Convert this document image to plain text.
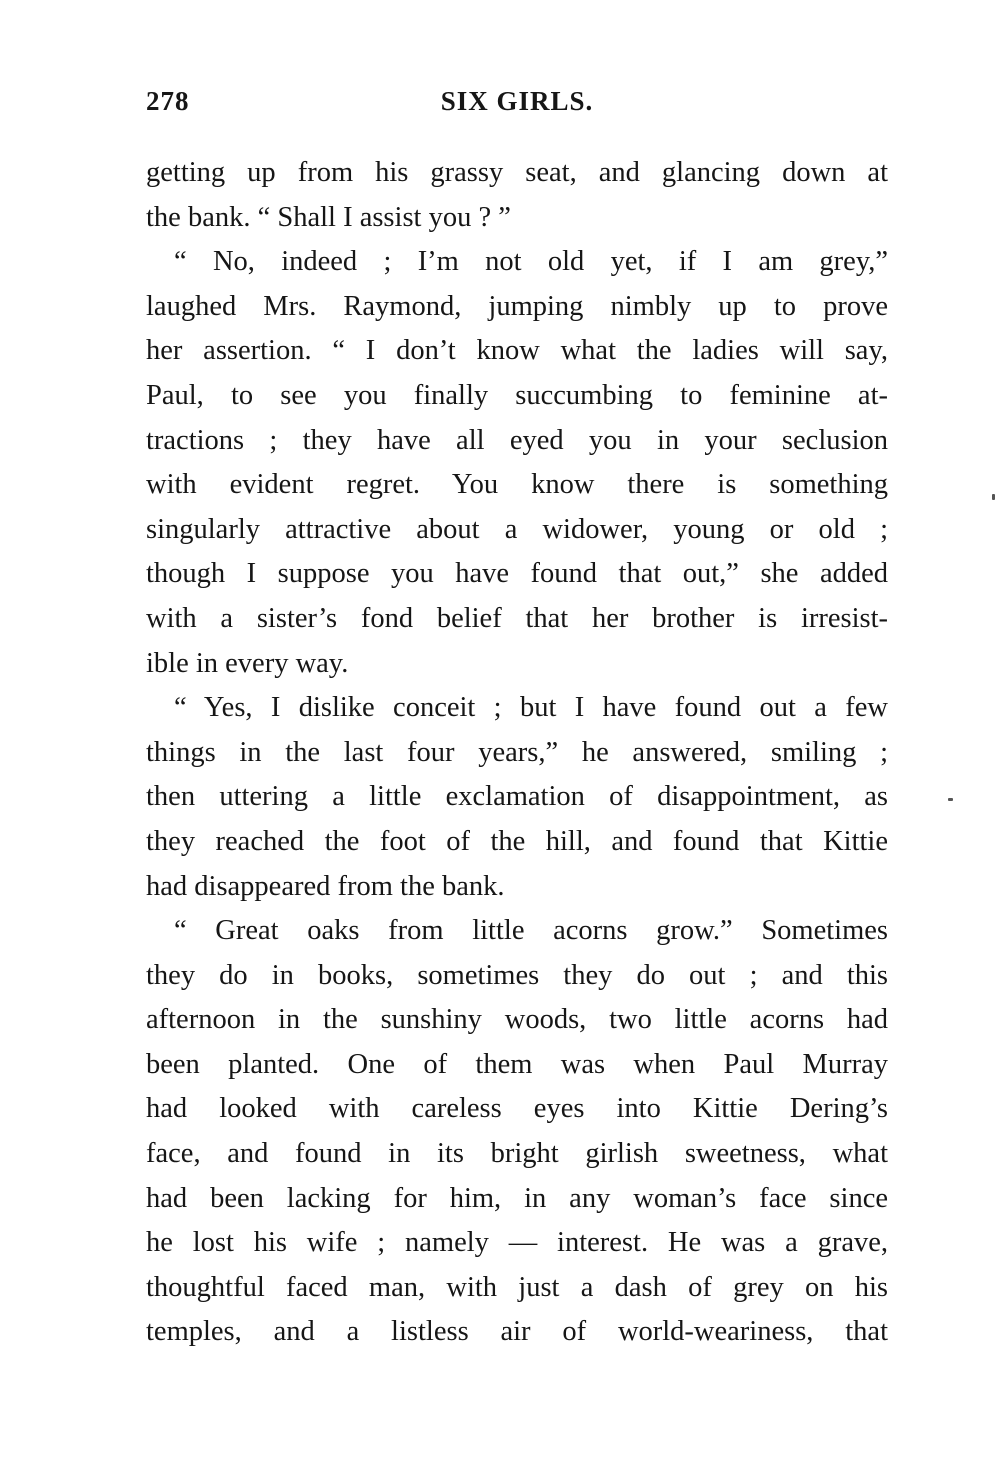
278	SIX GIRLS.
getting up from his grassy seat, and glancing down at
the bank. “ Shall I assist you ? ”
“ No, indeed ; I’m not old yet, if I am grey,”
laughed Mrs. Raymond, jumping nimbly up to prove
her assertion. “ I don’t know what the ladies will say,
Paul, to see you finally succumbing to feminine at-
tractions ; they have all eyed you in your seclusion
with evident regret. You know there is something
singularly attractive about a widower, young or old ;
though I suppose you have found that out,” she added
with a sister’s fond belief that her brother is irresist-
ible in every way.
“ Yes, I dislike conceit ; but I have found out a few
things in the last four years,” he answered, smiling ;
then uttering a little exclamation of disappointment, as
they reached the foot of the hill, and found that Kittie
had disappeared from the bank.
“ Great oaks from little acorns grow.” Sometimes
they do in books, sometimes they do out ; and this
afternoon in the sunshiny woods, two little acorns had
been planted. One of them was when Paul Murray
had looked with careless eyes into Kittie Dering’s
face, and found in its bright girlish sweetness, what
had been lacking for him, in any woman’s face since
he lost his wife ; namely — interest. He was a grave,
thoughtful faced man, with just a dash of grey on his
temples, and a listless air of world-weariness, that
